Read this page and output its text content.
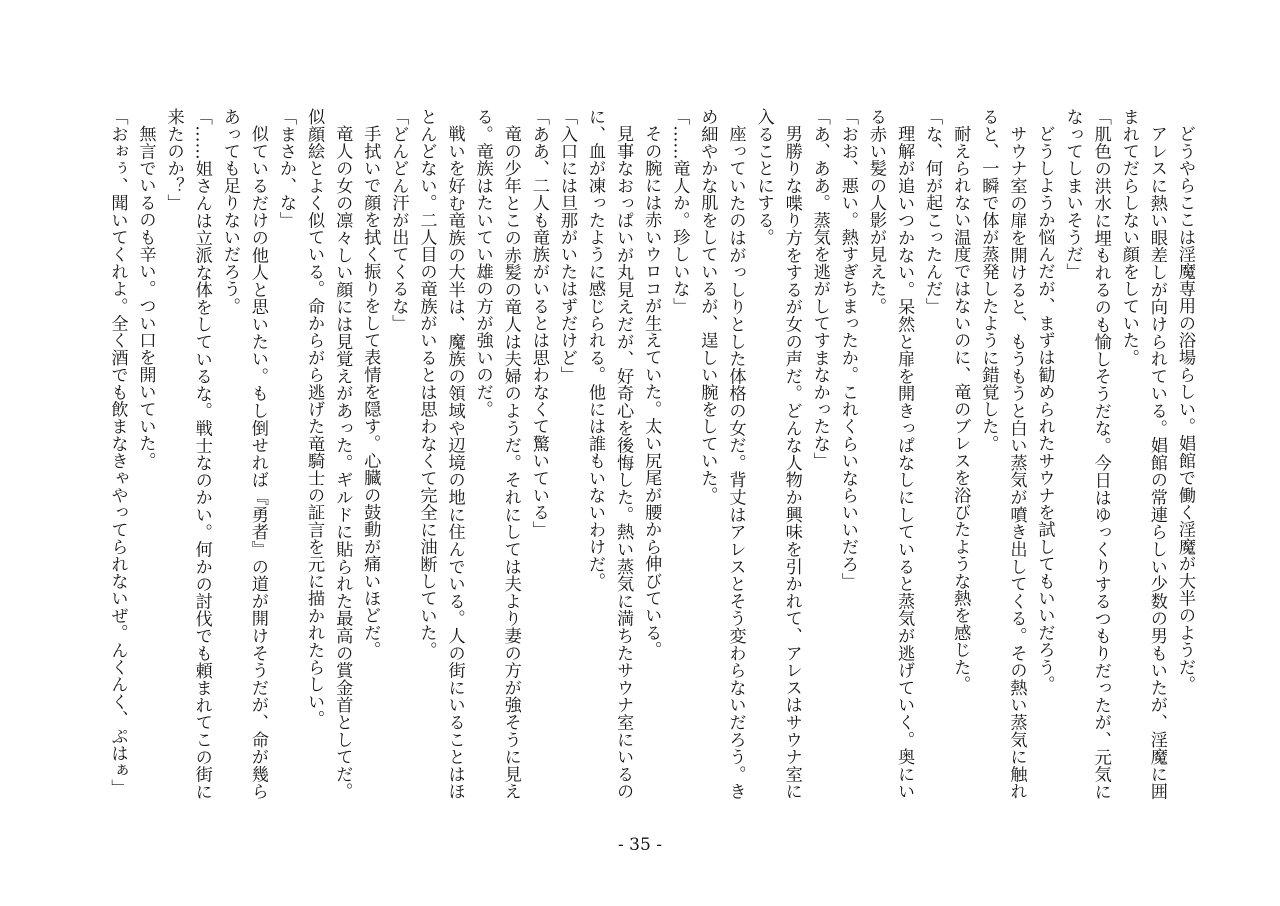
どうやらここは淫魔専用の浴場らしい。娼館で働く淫魔が大半のようだ。
アレスに熱い眼差しが向けられている。娼館の常連らしい少数の男もいたが、淫魔に囲
まれてだらしない顔をしていた。
「肌色の洪水に埋もれるのも愉しそうだな。今日はゆっくりするつもりだったが、元気に
なってしまいそうだ」
どうしようか悩んだが、まずは勧められたサウナを試してもいいだろう。
サウナ室の扉を開けると、もうもうと白い蒸気が噴き出してくる。その熱い蒸気に触れ
ると、一瞬で体が蒸発したように錯覚した。
耐えられない温度ではないのに、竜のブレスを浴びたような熱を感じた。
「な、何が起こったんだ」
理解が追いつかない。呆然と扉を開きっぱなしにしていると蒸気が逃げていく。奥にい
る赤い髪の人影が見えた。
「おお、悪い。熱すぎちまったか。これくらいならいいだろ」
「あ、ああ。蒸気を逃がしてすまなかったな」
男勝りな喋り方をするが女の声だ。どんな人物か興味を引かれて、アレスはサウナ室に
入ることにする。
座っていたのはがっしりとした体格の女だ。背丈はアレスとそう変わらないだろう。き
め細やかな肌をしているが、逞しい腕をしていた。
「……竜人か。珍しいな」
その腕には赤いウロコが生えていた。太い尻尾が腰から伸びている。
見事なおっぱいが丸見えだが、好奇心を後悔した。熱い蒸気に満ちたサウナ室にいるの
に、血が凍ったように感じられる。他には誰もいないわけだ。
「入口には旦那がいたはずだけど」
「ああ、二人も竜族がいるとは思わなくて驚いている」
竜の少年とこの赤髪の竜人は夫婦のようだ。それにしては夫より妻の方が強そうに見え
る。竜族はたいてい雄の方が強いのだ。
戦いを好む竜族の大半は、魔族の領域や辺境の地に住んでいる。人の街にいることはほ
とんどない。二人目の竜族がいるとは思わなくて完全に油断していた。
「どんどん汗が出てくるな」
手拭いで顔を拭く振りをして表情を隠す。心臓の鼓動が痛いほどだ。
竜人の女の凛々しい顔には見覚えがあった。ギルドに貼られた最高の賞金首としてだ。
似顔絵とよく似ている。命からがら逃げた竜騎士の証言を元に描かれたらしい。
「まさか、な」
似ているだけの他人と思いたい。もし倒せれば『勇者』の道が開けそうだが、命が幾ら
あっても足りないだろう。
「……姐さんは立派な体をしているな。戦士なのかい。何かの討伐でも頼まれてこの街に
来たのか？」
無言でいるのも辛い。つい口を開いていた。
「おぉぅ、聞いてくれよ。全く酒でも飲まなきゃやってられないぜ。んくんく、ぷはぁ」
- 35 -
